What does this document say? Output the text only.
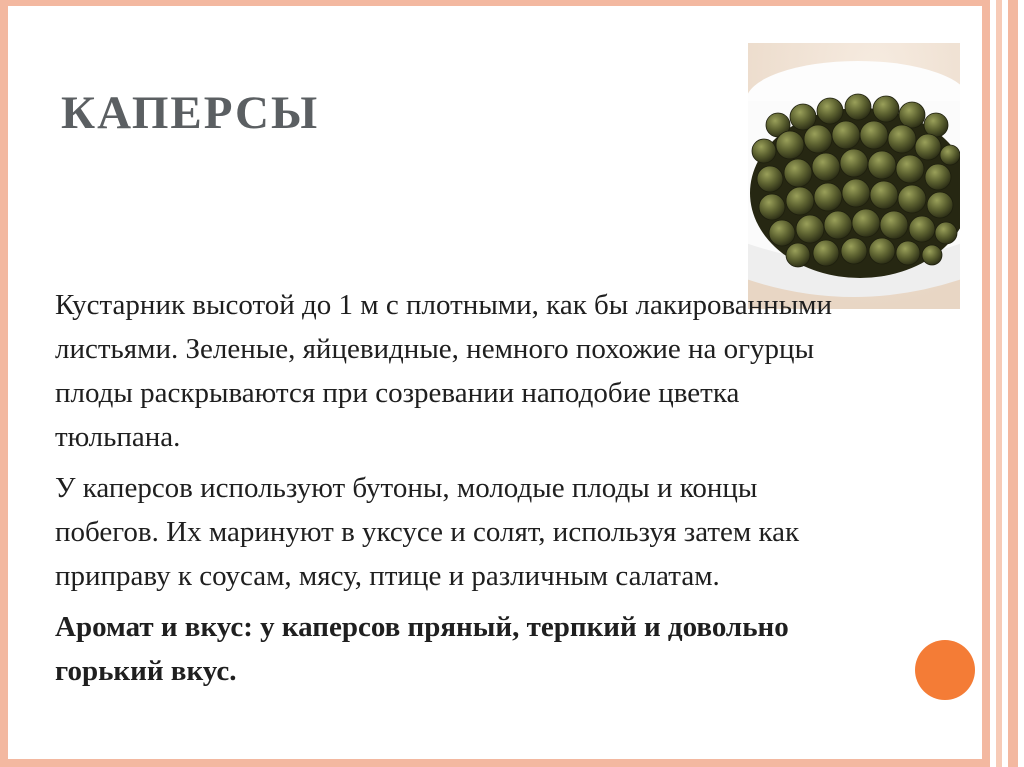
КАПЕРСЫ

Кустарник высотой до 1 м с плотными, как бы лакированными листьями. Зеленые, яйцевидные, немного похожие на огурцы плоды раскрываются при созревании наподобие цветка тюльпана.

У каперсов используют бутоны, молодые плоды и концы побегов. Их маринуют в уксусе и солят, используя затем как приправу к соусам, мясу, птице и различным салатам.

Аромат и вкус: у каперсов пряный, терпкий и довольно горький вкус.
